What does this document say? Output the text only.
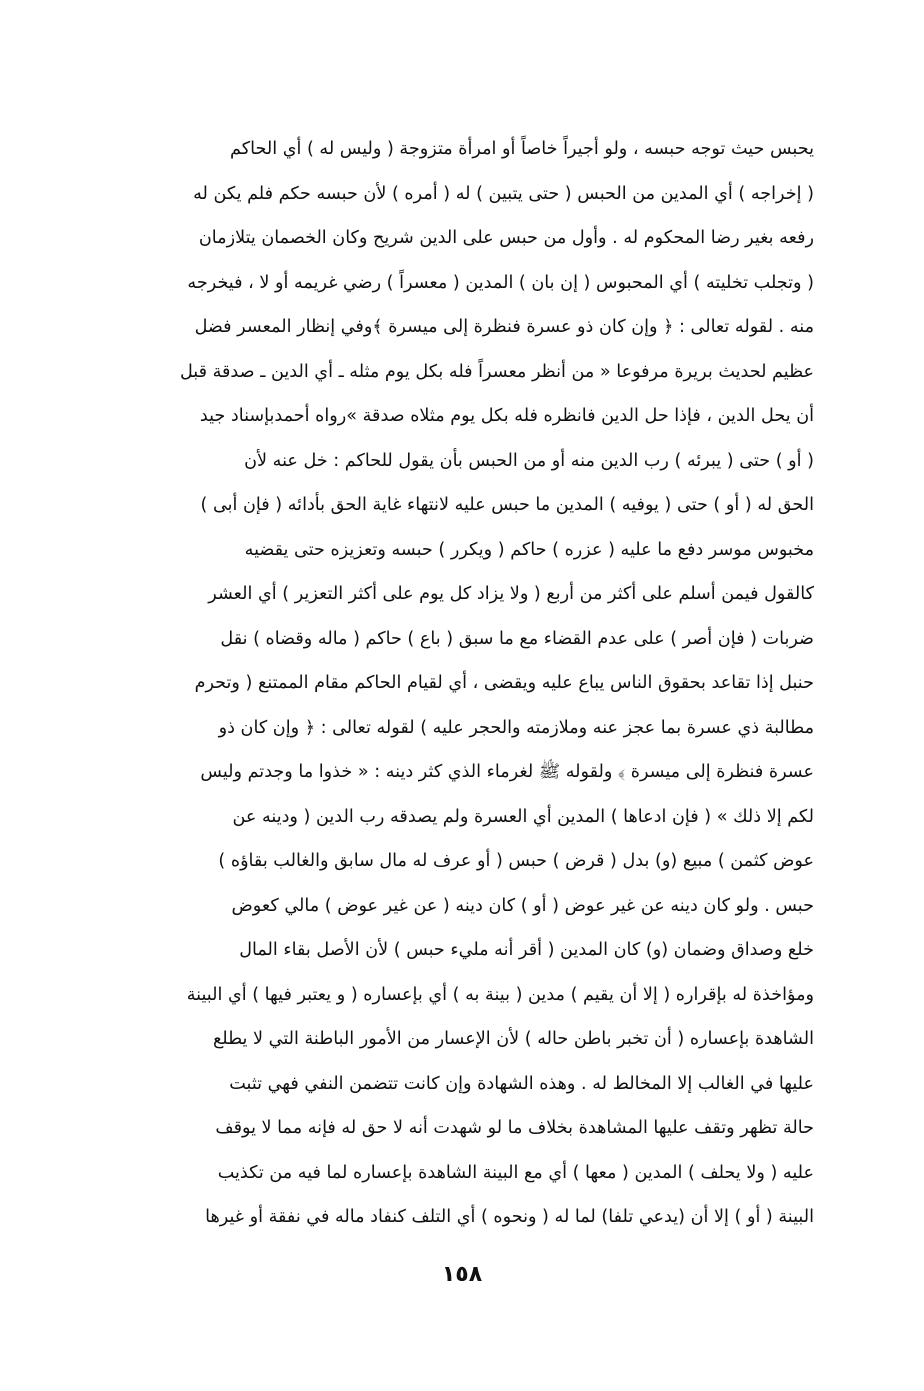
يحبس حيث توجه حبسه ، ولو أجيراً خاصاً أو امرأة متزوجة ( وليس له ) أي الحاكم
( إخراجه ) أي المدين من الحبس ( حتى يتبين ) له ( أمره ) لأن حبسه حكم فلم يكن له
رفعه بغير رضا المحكوم له . وأول من حبس على الدين شريح وكان الخصمان يتلازمان
( وتجلب تخليته ) أي المحبوس ( إن بان ) المدين ( معسراً ) رضي غريمه أو لا ، فيخرجه
منه . لقوله تعالى : ﴿ وإن كان ذو عسرة فنظرة إلى ميسرة ﴾وفي إنظار المعسر فضل
عظيم لحديث بريرة مرفوعا « من أنظر معسراً فله بكل يوم مثله ـ أي الدين ـ صدقة قبل
أن يحل الدين ، فإذا حل الدين فانظره فله بكل يوم مثلاه صدقة »رواه أحمدبإسناد جيد
( أو ) حتى ( يبرئه ) رب الدين منه أو من الحبس بأن يقول للحاكم : خل عنه لأن
الحق له ( أو ) حتى ( يوفيه ) المدين ما حبس عليه لانتهاء غاية الحق بأدائه ( فإن أبى )
مخبوس موسر دفع ما عليه ( عزره ) حاكم ( ويكرر ) حبسه وتعزيزه حتى يقضيه
كالقول فيمن أسلم على أكثر من أربع ( ولا يزاد كل يوم على أكثر التعزير ) أي العشر
ضربات ( فإن أصر ) على عدم القضاء مع ما سبق ( باع ) حاكم ( ماله وقضاه ) نقل
حنبل إذا تقاعد بحقوق الناس يباع عليه ويقضى ، أي لقيام الحاكم مقام الممتنع ( وتحرم
مطالبة ذي عسرة بما عجز عنه وملازمته والحجر عليه ) لقوله تعالى : ﴿ وإن كان ذو
عسرة فنظرة إلى ميسرة ﴾ ولقوله ﷺ لغرماء الذي كثر دينه : « خذوا ما وجدتم وليس
لكم إلا ذلك » ( فإن ادعاها ) المدين أي العسرة ولم يصدقه رب الدين ( ودينه عن
عوض كثمن ) مبيع (و) بدل ( قرض ) حبس ( أو عرف له مال سابق والغالب بقاؤه )
حبس . ولو كان دينه عن غير عوض ( أو ) كان دينه ( عن غير عوض ) مالي كعوض
خلع وصداق وضمان (و) كان المدين ( أقر أنه مليء حبس ) لأن الأصل بقاء المال
ومؤاخذة له بإقراره ( إلا أن يقيم ) مدين ( بينة به ) أي بإعساره ( و يعتبر فيها ) أي البينة
الشاهدة بإعساره ( أن تخبر باطن حاله ) لأن الإعسار من الأمور الباطنة التي لا يطلع
عليها في الغالب إلا المخالط له . وهذه الشهادة وإن كانت تتضمن النفي فهي تثبت
حالة تظهر وتقف عليها المشاهدة بخلاف ما لو شهدت أنه لا حق له فإنه مما لا يوقف
عليه ( ولا يحلف ) المدين ( معها ) أي مع البينة الشاهدة بإعساره لما فيه من تكذيب
البينة ( أو ) إلا أن (يدعي تلفا) لما له ( ونحوه ) أي التلف كنفاد ماله في نفقة أو غيرها
١٥٨
